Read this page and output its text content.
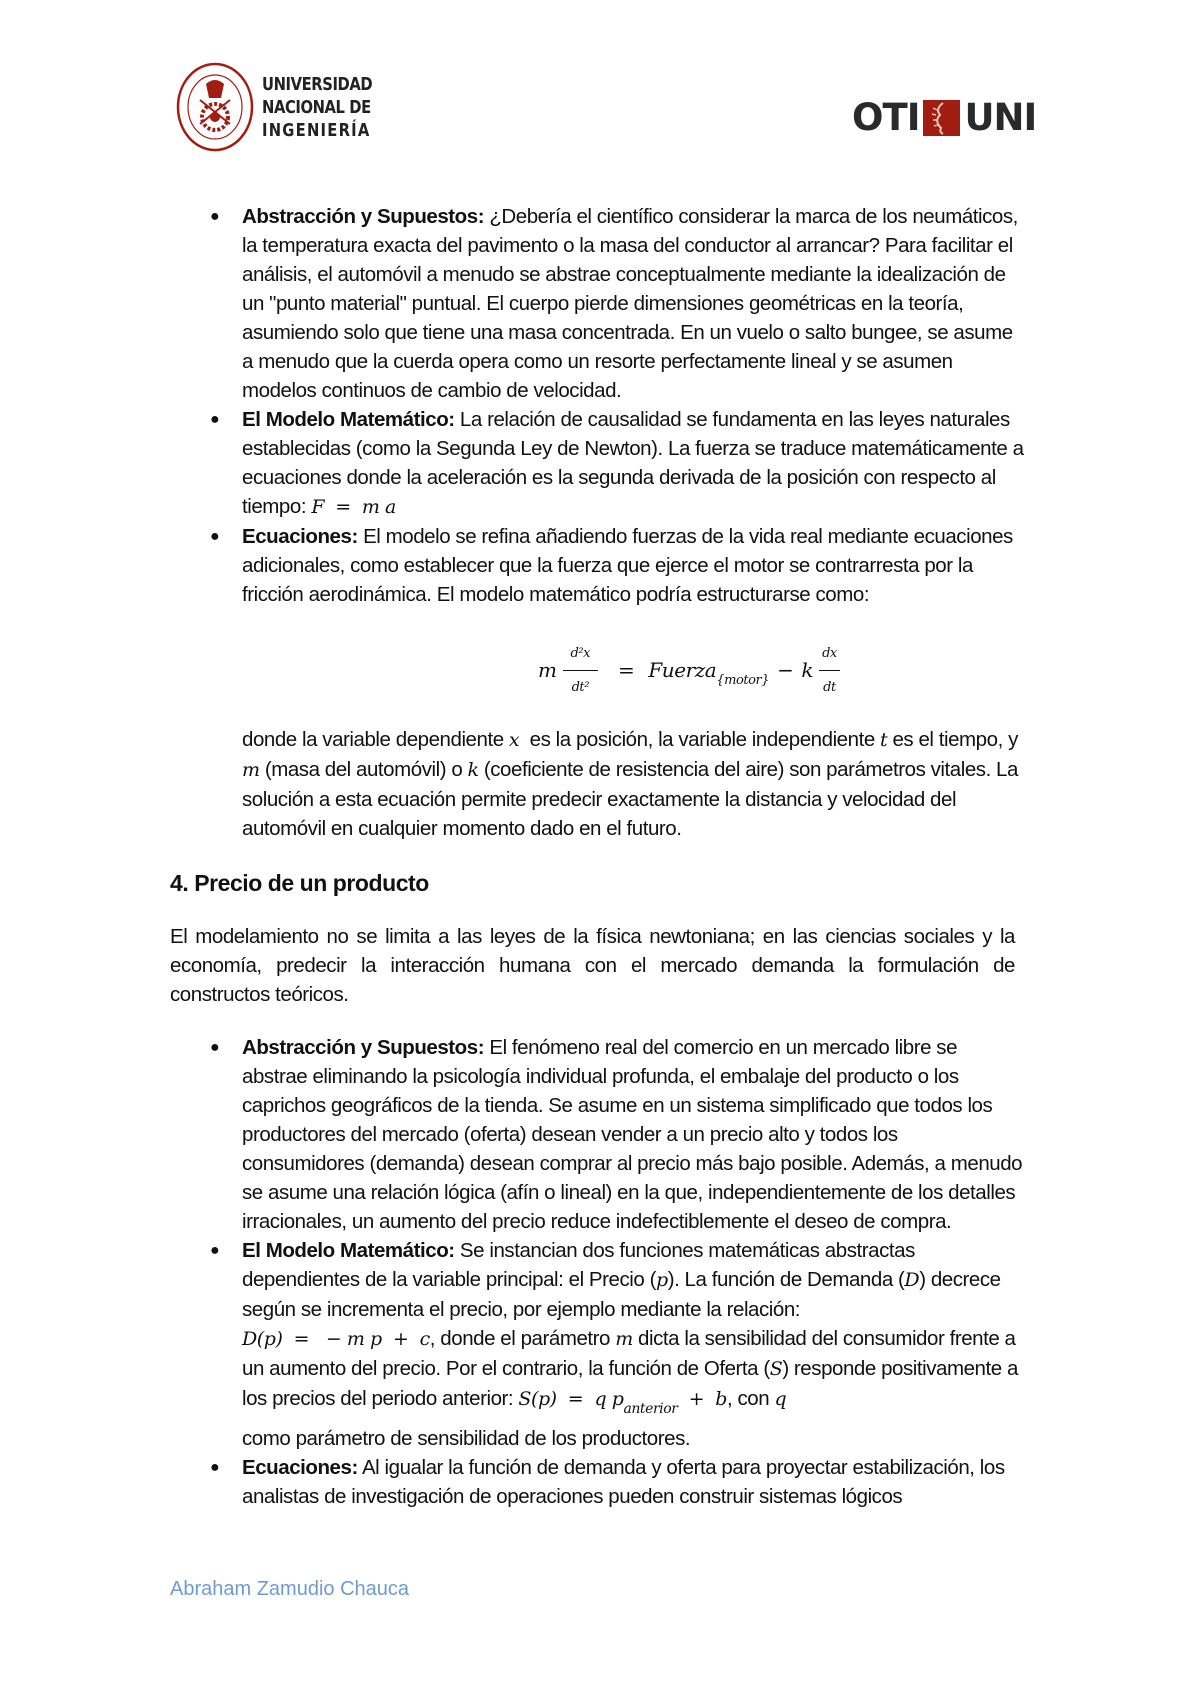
UNIVERSIDAD
NACIONAL DE
INGENIERÍA	OTI UNI
● Abstracción y Supuestos: ¿Debería el científico considerar la marca de los neumáticos, la temperatura exacta del pavimento o la masa del conductor al arrancar? Para facilitar el análisis, el automóvil a menudo se abstrae conceptualmente mediante la idealización de un "punto material" puntual. El cuerpo pierde dimensiones geométricas en la teoría, asumiendo solo que tiene una masa concentrada. En un vuelo o salto bungee, se asume a menudo que la cuerda opera como un resorte perfectamente lineal y se asumen modelos continuos de cambio de velocidad.
● El Modelo Matemático: La relación de causalidad se fundamenta en las leyes naturales establecidas (como la Segunda Ley de Newton). La fuerza se traduce matemáticamente a ecuaciones donde la aceleración es la segunda derivada de la posición con respecto al tiempo: F  =  m a
● Ecuaciones: El modelo se refina añadiendo fuerzas de la vida real mediante ecuaciones adicionales, como establecer que la fuerza que ejerce el motor se contrarresta por la fricción aerodinámica. El modelo matemático podría estructurarse como:
m $\frac{\text{d²x}}{\text{dt²}}$ = Fuerza {motor} − k $\frac{dx}{dt}$

donde la variable dependiente x  es la posición, la variable independiente t es el tiempo, y m (masa del automóvil) o k (coeficiente de resistencia del aire) son parámetros vitales. La solución a esta ecuación permite predecir exactamente la distancia y velocidad del automóvil en cualquier momento dado en el futuro.

4. Precio de un producto

El modelamiento no se limita a las leyes de la física newtoniana; en las ciencias sociales y la economía, predecir la interacción humana con el mercado demanda la formulación de constructos teóricos.

● Abstracción y Supuestos: El fenómeno real del comercio en un mercado libre se abstrae eliminando la psicología individual profunda, el embalaje del producto o los caprichos geográficos de la tienda. Se asume en un sistema simplificado que todos los productores del mercado (oferta) desean vender a un precio alto y todos los consumidores (demanda) desean comprar al precio más bajo posible. Además, a menudo se asume una relación lógica (afín o lineal) en la que, independientemente de los detalles irracionales, un aumento del precio reduce indefectiblemente el deseo de compra.
● El Modelo Matemático: Se instancian dos funciones matemáticas abstractas dependientes de la variable principal: el Precio (p). La función de Demanda (D) decrece según se incrementa el precio, por ejemplo mediante la relación:
D(p)  =   − m p  +  c, donde el parámetro m dicta la sensibilidad del consumidor frente a un aumento del precio. Por el contrario, la función de Oferta (S) responde positivamente a los precios del periodo anterior: S(p)  =  q $p_{anterior} + b$, con qcomo parámetro de sensibilidad de los productores.
● Ecuaciones: Al igualar la función de demanda y oferta para proyectar estabilización, los analistas de investigación de operaciones pueden construir sistemas lógicos
Abraham Zamudio Chauca
